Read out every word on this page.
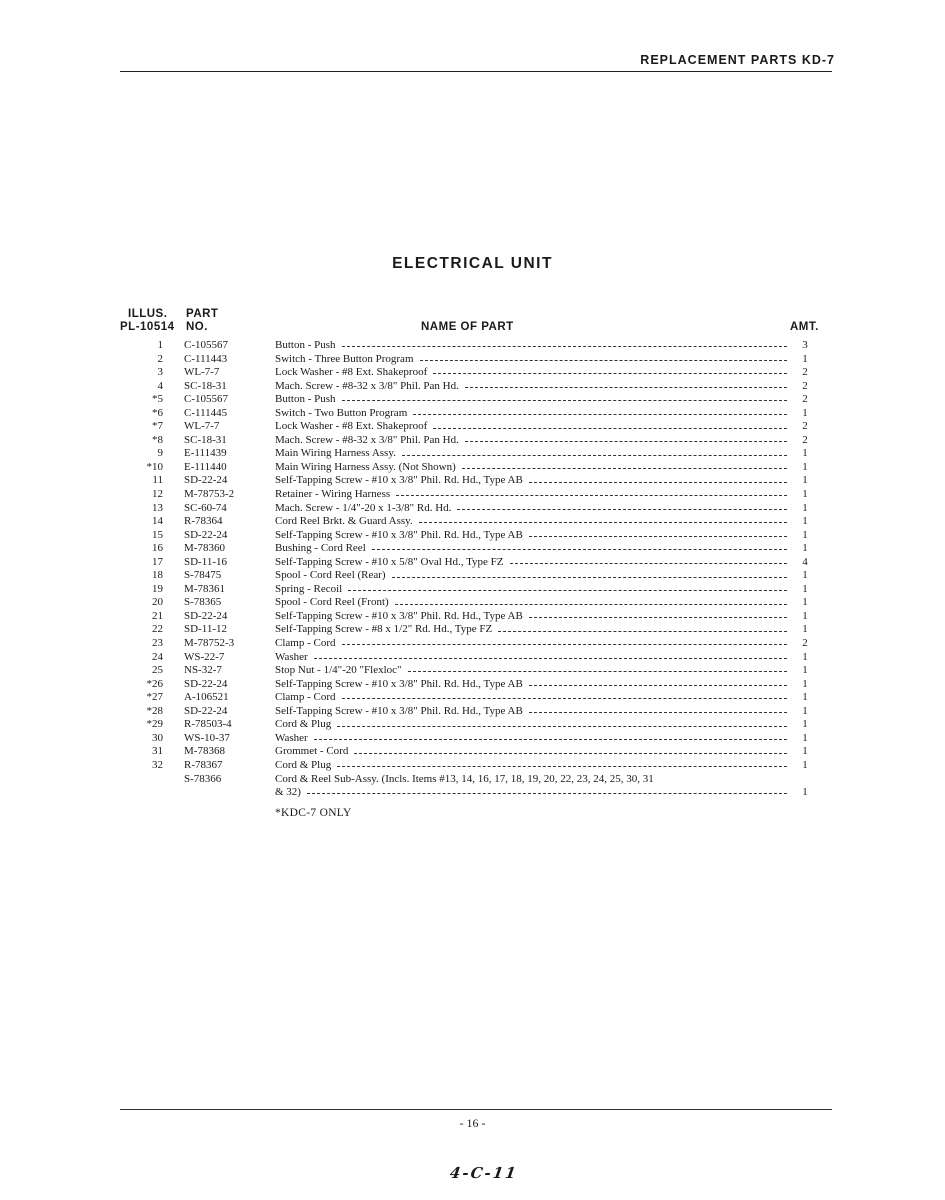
REPLACEMENT PARTS KD-7
ELECTRICAL UNIT
ILLUS.
PL-10514
PART
NO.	NAME OF PART	AMT.
1 C-105567	Button - Push	3
2 C-111443	Switch - Three Button Program	1
3 WL-7-7	Lock Washer - #8 Ext. Shakeproof	2
4 SC-18-31	Mach. Screw - #8-32 x 3/8" Phil. Pan Hd.	2
*5 C-105567	Button - Push	2
*6 C-111445	Switch - Two Button Program	1
*7 WL-7-7	Lock Washer - #8 Ext. Shakeproof	2
*8 SC-18-31	Mach. Screw - #8-32 x 3/8" Phil. Pan Hd.	2
9 E-111439	Main Wiring Harness Assy.	1
*10 E-111440	Main Wiring Harness Assy. (Not Shown)	1
11 SD-22-24	Self-Tapping Screw - #10 x 3/8" Phil. Rd. Hd., Type AB	1
12 M-78753-2	Retainer - Wiring Harness	1
13 SC-60-74	Mach. Screw - 1/4"-20 x 1-3/8" Rd. Hd.	1
14 R-78364	Cord Reel Brkt. & Guard Assy.	1
15 SD-22-24	Self-Tapping Screw - #10 x 3/8" Phil. Rd. Hd., Type AB	1
16 M-78360	Bushing - Cord Reel	1
17 SD-11-16	Self-Tapping Screw - #10 x 5/8" Oval Hd., Type FZ	4
18 S-78475	Spool - Cord Reel (Rear)	1
19 M-78361	Spring - Recoil	1
20 S-78365	Spool - Cord Reel (Front)	1
21 SD-22-24	Self-Tapping Screw - #10 x 3/8" Phil. Rd. Hd., Type AB	1
22 SD-11-12	Self-Tapping Screw - #8 x 1/2" Rd. Hd., Type FZ	1
23 M-78752-3	Clamp - Cord	2
24 WS-22-7	Washer	1
25 NS-32-7	Stop Nut - 1/4"-20 "Flexloc"	1
*26 SD-22-24	Self-Tapping Screw - #10 x 3/8" Phil. Rd. Hd., Type AB	1
*27 A-106521	Clamp - Cord	1
*28 SD-22-24	Self-Tapping Screw - #10 x 3/8" Phil. Rd. Hd., Type AB	1
*29 R-78503-4	Cord & Plug	1
30 WS-10-37	Washer	1
31 M-78368	Grommet - Cord	1
32 R-78367	Cord & Plug	1
S-78366	Cord & Reel Sub-Assy. (Incls. Items #13, 14, 16, 17, 18, 19, 20, 22, 23, 24, 25, 30, 31
& 32)	1
*KDC-7 ONLY
- 16 -
4-C-11
